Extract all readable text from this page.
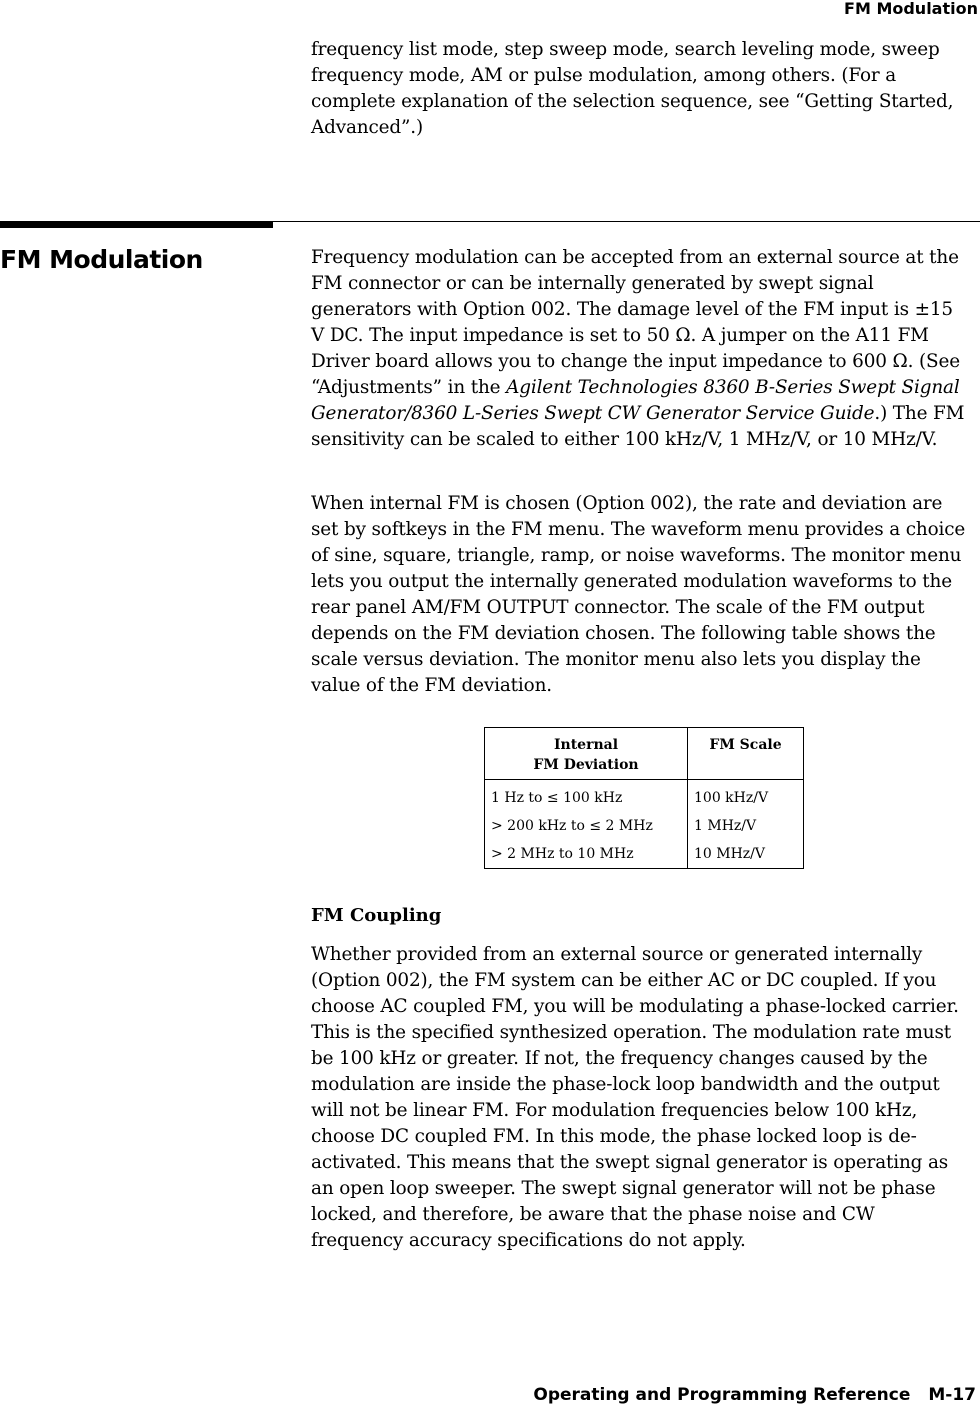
FM Modulation

frequency list mode, step sweep mode, search leveling mode, sweep frequency mode, AM or pulse modulation, among others. (For a complete explanation of the selection sequence, see “Getting Started, Advanced”.)

FM Modulation	Frequency modulation can be accepted from an external source at the FM connector or can be internally generated by swept signal generators with Option 002. The damage level of the FM input is ±15 V DC. The input impedance is set to 50 Ω. A jumper on the A11 FM Driver board allows you to change the input impedance to 600 Ω. (See “Adjustments” in the Agilent Technologies 8360 B-Series Swept Signal Generator/8360 L-Series Swept CW Generator Service Guide.) The FM sensitivity can be scaled to either 100 kHz/V, 1 MHz/V, or 10 MHz/V.

When internal FM is chosen (Option 002), the rate and deviation are set by softkeys in the FM menu. The waveform menu provides a choice of sine, square, triangle, ramp, or noise waveforms. The monitor menu lets you output the internally generated modulation waveforms to the rear panel AM/FM OUTPUT connector. The scale of the FM output depends on the FM deviation chosen. The following table shows the scale versus deviation. The monitor menu also lets you display the value of the FM deviation.

Internal
FM Deviation	FM Scale
1 Hz to ≤ 100 kHz	100 kHz/V
> 200 kHz to ≤ 2 MHz	1 MHz/V
> 2 MHz to 10 MHz	10 MHz/V
FM Coupling

Whether provided from an external source or generated internally (Option 002), the FM system can be either AC or DC coupled. If you choose AC coupled FM, you will be modulating a phase-locked carrier. This is the specified synthesized operation. The modulation rate must be 100 kHz or greater. If not, the frequency changes caused by the modulation are inside the phase-lock loop bandwidth and the output will not be linear FM. For modulation frequencies below 100 kHz, choose DC coupled FM. In this mode, the phase locked loop is de-activated. This means that the swept signal generator is operating as an open loop sweeper. The swept signal generator will not be phase locked, and therefore, be aware that the phase noise and CW frequency accuracy specifications do not apply.

Operating and Programming Reference M-17
